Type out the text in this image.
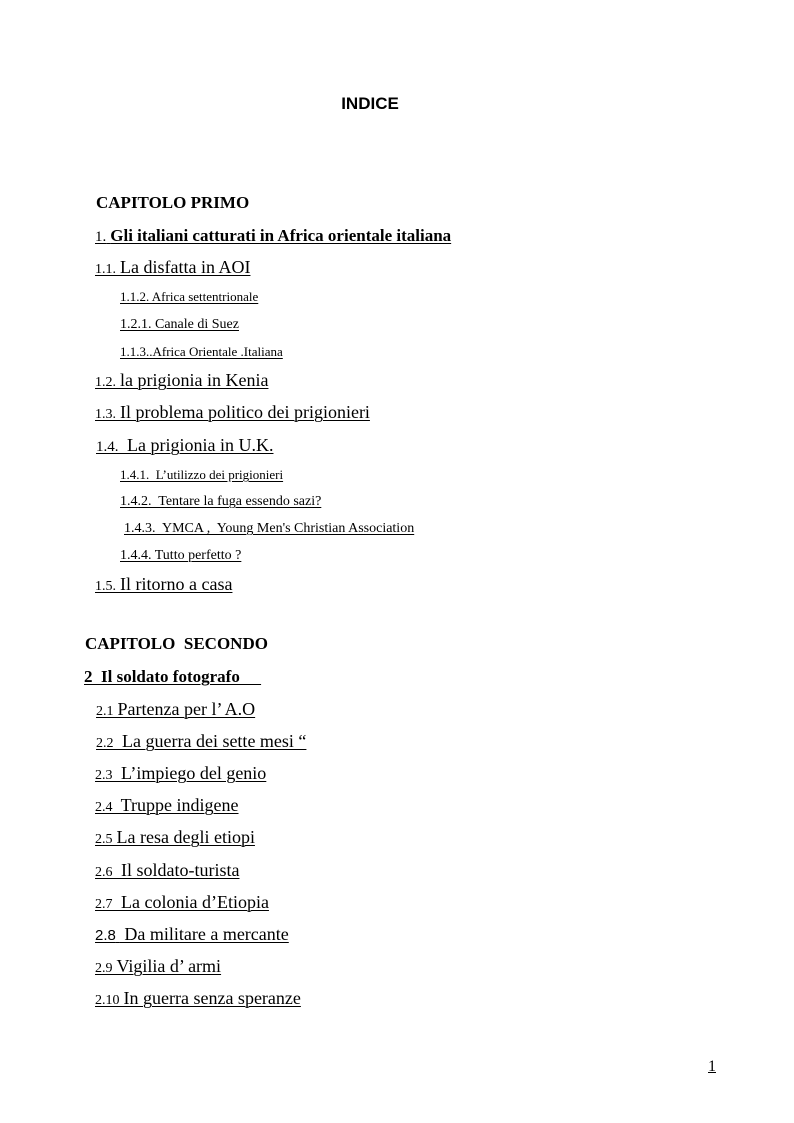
INDICE
CAPITOLO PRIMO
1. Gli italiani catturati in Africa orientale italiana
1.1. La disfatta in AOI
1.1.2. Africa settentrionale
1.2.1. Canale di Suez
1.1.3..Africa Orientale .Italiana
1.2. la prigionia in Kenia
1.3. Il problema politico dei prigionieri
1.4.  La prigionia in U.K.
1.4.1.  L’utilizzo dei prigionieri
1.4.2.  Tentare la fuga essendo sazi?
1.4.3.  YMCA ,  Young Men's Christian Association
1.4.4. Tutto perfetto ?
1.5. Il ritorno a casa
CAPITOLO  SECONDO
2  Il soldato fotografo
2.1 Partenza per l’ A.O
2.2  La guerra dei sette mesi “
2.3  L’impiego del genio
2.4  Truppe indigene
2.5 La resa degli etiopi
2.6  Il soldato-turista
2.7  La colonia d’Etiopia
2.8  Da militare a mercante
2.9 Vigilia d’ armi
2.10 In guerra senza speranze
1
